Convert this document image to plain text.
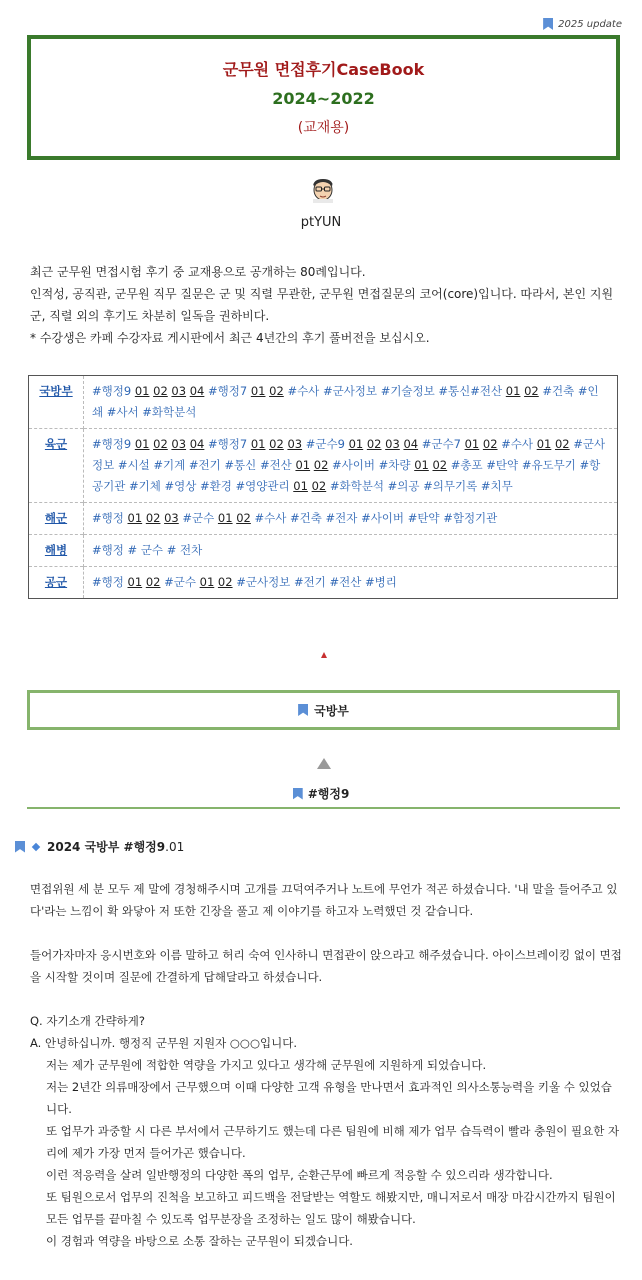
2025 update
군무원 면접후기CaseBook
2024~2022
(교재용)
ptYUN
최근 군무원 면접시험 후기 중 교재용으로 공개하는 80례입니다.
인적성, 공직관, 군무원 직무 질문은 군 및 직렬 무관한, 군무원 면접질문의 코어(core)입니다. 따라서, 본인 지원 군, 직렬 외의 후기도 차분히 일독을 권하비다.
* 수강생은 카페 수강자료 게시판에서 최근 4년간의 후기 풀버전을 보십시오.
국방부	#행정9 01 02 03 04 #행정7 01 02 #수사 #군사정보 #기술정보 #통신#전산 01 02 #건축 #인쇄 #사서 #화학분석
육군	#행정9 01 02 03 04 #행정7 01 02 03 #군수9 01 02 03 04 #군수7 01 02 #수사 01 02 #군사정보 #시설 #기계 #전기 #통신 #전산 01 02 #사이버 #차량 01 02 #총포 #탄약 #유도무기 #항공기관 #기체 #영상 #환경 #영양관리 01 02 #화학분석 #의공 #의무기록 #치무
해군	#행정 01 02 03 #군수 01 02 #수사 #건축 #전자 #사이버 #탄약 #함정기관
해병	#행정 # 군수 # 전차
공군	#행정 01 02 #군수 01 02 #군사정보 #전기 #전산 #병리
국방부
#행정9
2024 국방부 #행정9.01

면접위원 세 분 모두 제 말에 경청해주시며 고개를 끄덕여주거나 노트에 무언가 적곤 하셨습니다. '내 말을 들어주고 있다'라는 느낌이 확 와닿아 저 또한 긴장을 풀고 제 이야기를 하고자 노력했던 것 같습니다.

들어가자마자 응시번호와 이름 말하고 허리 숙여 인사하니 면접관이 앉으라고 해주셨습니다. 아이스브레이킹 없이 면접을 시작할 것이며 질문에 간결하게 답해달라고 하셨습니다.

Q. 자기소개 간략하게?
A. 안녕하십니까. 행정직 군무원 지원자 ○○○입니다.
저는 제가 군무원에 적합한 역량을 가지고 있다고 생각해 군무원에 지원하게 되었습니다.
저는 2년간 의류매장에서 근무했으며 이때 다양한 고객 유형을 만나면서 효과적인 의사소통능력을 키울 수 있었습니다.
또 업무가 과중할 시 다른 부서에서 근무하기도 했는데 다른 팀원에 비해 제가 업무 습득력이 빨라 충원이 필요한 자리에 제가 가장 먼저 들어가곤 했습니다.
이런 적응력을 살려 일반행정의 다양한 폭의 업무, 순환근무에 빠르게 적응할 수 있으리라 생각합니다.
또 팀원으로서 업무의 진척을 보고하고 피드백을 전달받는 역할도 해봤지만, 매니저로서 매장 마감시간까지 팀원이 모든 업무를 끝마칠 수 있도록 업무분장을 조정하는 일도 많이 해봤습니다.
이 경험과 역량을 바탕으로 소통 잘하는 군무원이 되겠습니다.
